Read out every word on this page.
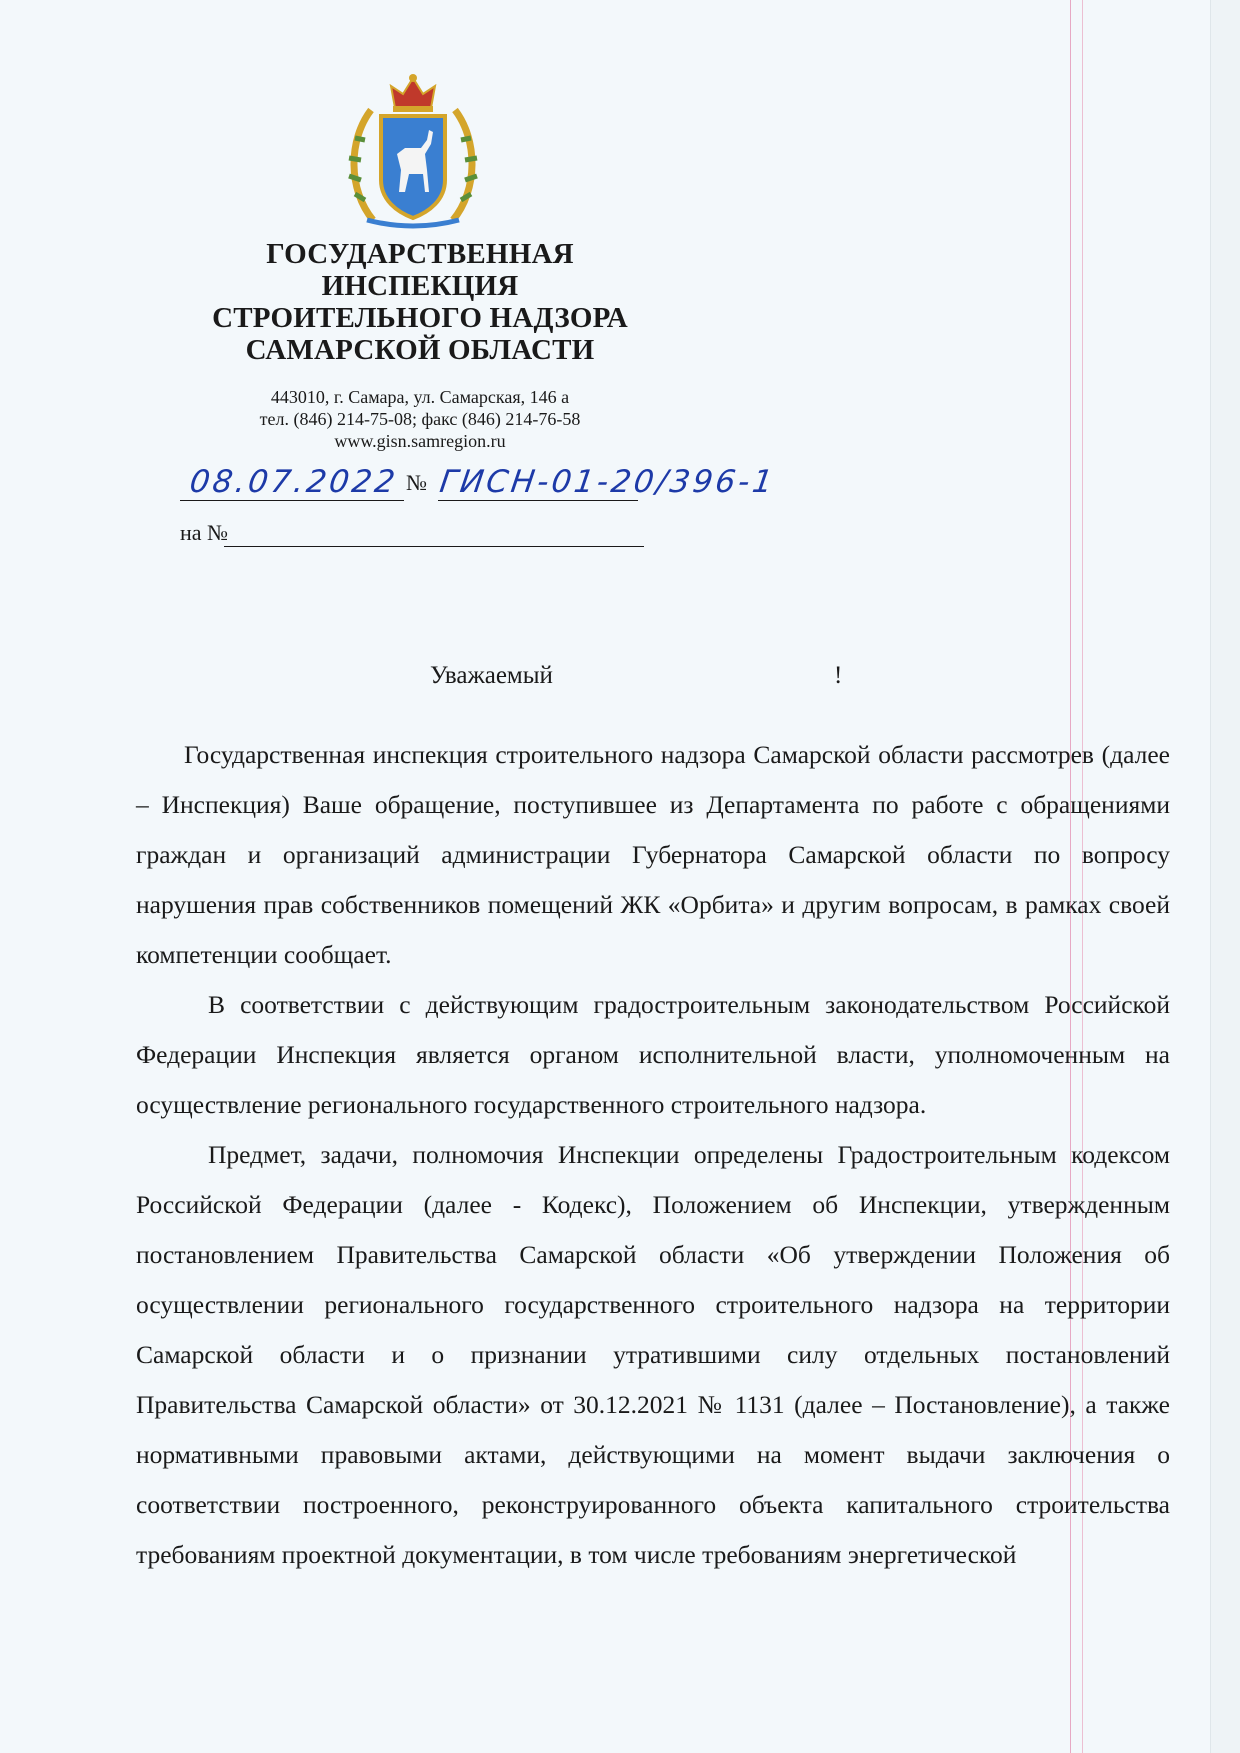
ГОСУДАРСТВЕННАЯ
ИНСПЕКЦИЯ
СТРОИТЕЛЬНОГО НАДЗОРА
САМАРСКОЙ ОБЛАСТИ
443010, г. Самара, ул. Самарская, 146 а
тел. (846) 214-75-08; факс (846) 214-76-58
www.gisn.samregion.ru
08.07.2022 № ГИСН-01-20/396-1
на №
Уважаемый	!

Государственная инспекция строительного надзора Самарской области рассмотрев (далее – Инспекция) Ваше обращение, поступившее из Департамента по работе с обращениями граждан и организаций администрации Губернатора Самарской области по вопросу нарушения прав собственников помещений ЖК «Орбита» и другим вопросам, в рамках своей компетенции сообщает.

В соответствии с действующим градостроительным законодательством Российской Федерации Инспекция является органом исполнительной власти, уполномоченным на осуществление регионального государственного строительного надзора.

Предмет, задачи, полномочия Инспекции определены Градостроительным кодексом Российской Федерации (далее - Кодекс), Положением об Инспекции, утвержденным постановлением Правительства Самарской области «Об утверждении Положения об осуществлении регионального государственного строительного надзора на территории Самарской области и о признании утратившими силу отдельных постановлений Правительства Самарской области» от 30.12.2021 № 1131 (далее – Постановление), а также нормативными правовыми актами, действующими на момент выдачи заключения о соответствии построенного, реконструированного объекта капитального строительства требованиям проектной документации, в том числе требованиям энергетической
